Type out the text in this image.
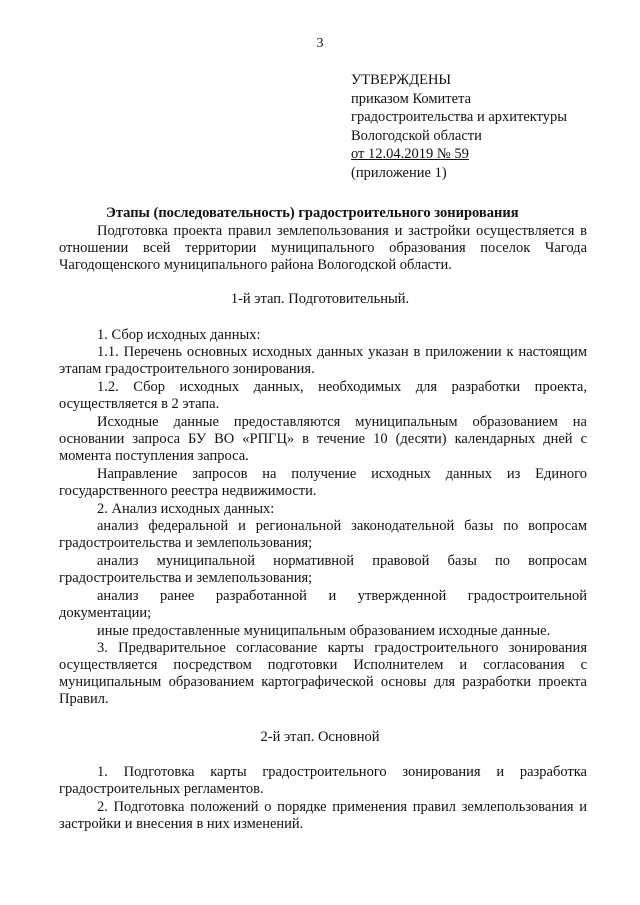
3
УТВЕРЖДЕНЫ
приказом Комитета
градостроительства и архитектуры
Вологодской области
от 12.04.2019 № 59
(приложение 1)
Этапы (последовательность) градостроительного зонирования
Подготовка проекта правил землепользования и застройки осуществляется в отношении всей территории муниципального образования поселок Чагода Чагодощенского муниципального района Вологодской области.
1-й этап. Подготовительный.
1. Сбор исходных данных:
1.1. Перечень основных исходных данных указан в приложении к настоящим этапам градостроительного зонирования.
1.2. Сбор исходных данных, необходимых для разработки проекта, осуществляется в 2 этапа.
Исходные данные предоставляются муниципальным образованием на основании запроса БУ ВО «РПГЦ» в течение 10 (десяти) календарных дней с момента поступления запроса.
Направление запросов на получение исходных данных из Единого государственного реестра недвижимости.
2. Анализ исходных данных:
анализ федеральной и региональной законодательной базы по вопросам градостроительства и землепользования;
анализ муниципальной нормативной правовой базы по вопросам градостроительства и землепользования;
анализ ранее разработанной и утвержденной градостроительной документации;
иные предоставленные муниципальным образованием исходные данные.
3. Предварительное согласование карты градостроительного зонирования осуществляется посредством подготовки Исполнителем и согласования с муниципальным образованием картографической основы для разработки проекта Правил.
2-й этап. Основной
1. Подготовка карты градостроительного зонирования и разработка градостроительных регламентов.
2. Подготовка положений о порядке применения правил землепользования и застройки и внесения в них изменений.
